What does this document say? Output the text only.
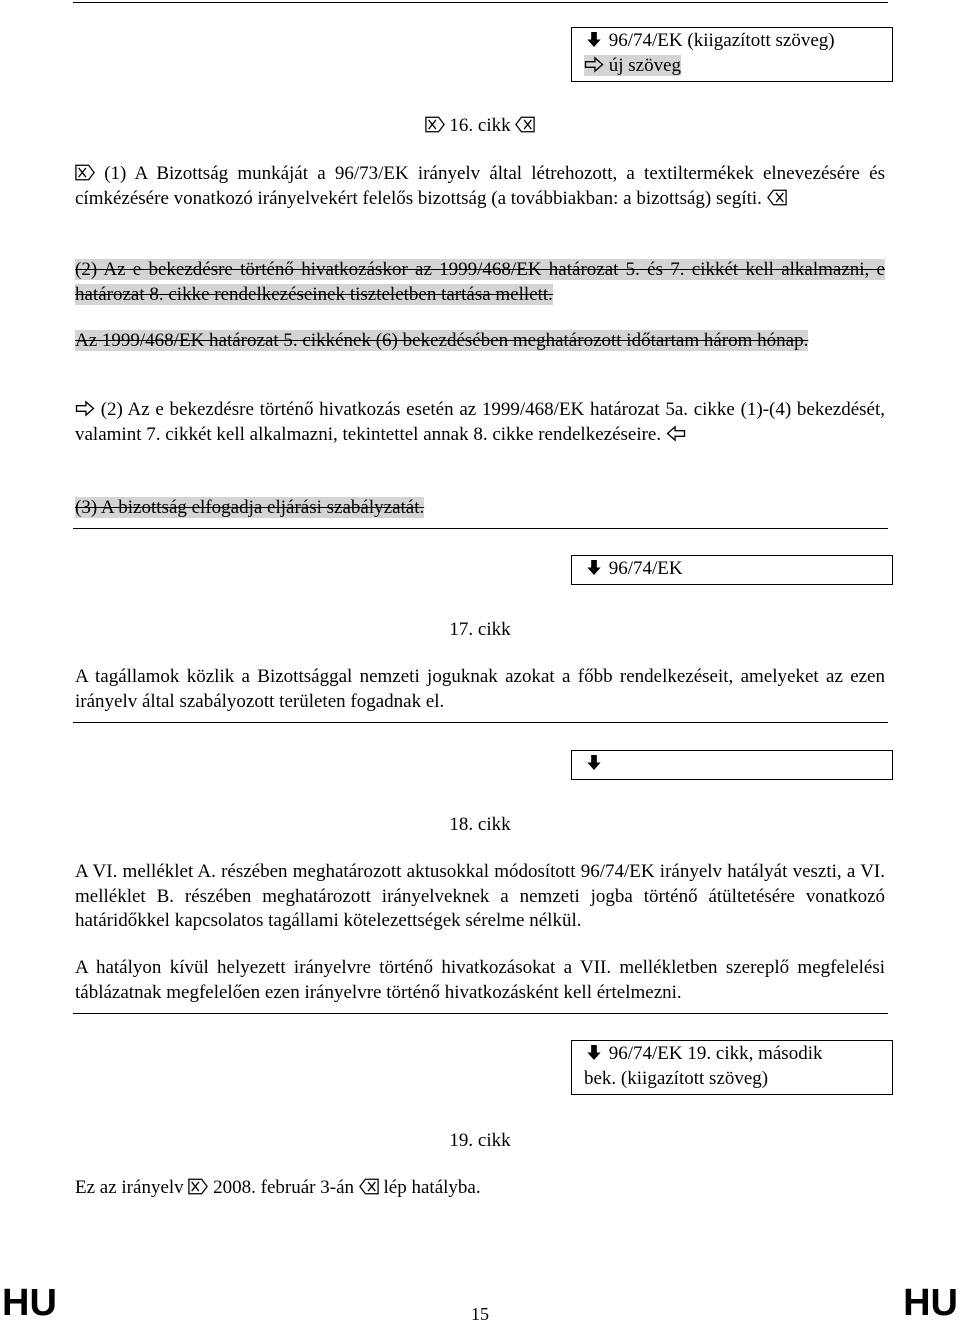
96/74/EK (kiigazított szöveg)
új szöveg
16. cikk
(1) A Bizottság munkáját a 96/73/EK irányelv által létrehozott, a textiltermékek elnevezésére és címkézésére vonatkozó irányelvekért felelős bizottság (a továbbiakban: a bizottság) segíti.
(2) Az e bekezdésre történő hivatkozáskor az 1999/468/EK határozat 5. és 7. cikkét kell alkalmazni, e határozat 8. cikke rendelkezéseinek tiszteletben tartása mellett.
Az 1999/468/EK határozat 5. cikkének (6) bekezdésében meghatározott időtartam három hónap.
(2) Az e bekezdésre történő hivatkozás esetén az 1999/468/EK határozat 5a. cikke (1)-(4) bekezdését, valamint 7. cikkét kell alkalmazni, tekintettel annak 8. cikke rendelkezéseire.
(3) A bizottság elfogadja eljárási szabályzatát.
96/74/EK
17. cikk
A tagállamok közlik a Bizottsággal nemzeti joguknak azokat a főbb rendelkezéseit, amelyeket az ezen irányelv által szabályozott területen fogadnak el.
18. cikk
A VI. melléklet A. részében meghatározott aktusokkal módosított 96/74/EK irányelv hatályát veszti, a VI. melléklet B. részében meghatározott irányelveknek a nemzeti jogba történő átültetésére vonatkozó határidőkkel kapcsolatos tagállami kötelezettségek sérelme nélkül.
A hatályon kívül helyezett irányelvre történő hivatkozásokat a VII. mellékletben szereplő megfelelési táblázatnak megfelelően ezen irányelvre történő hivatkozásként kell értelmezni.
96/74/EK 19. cikk, második
bek. (kiigazított szöveg)
19. cikk
Ez az irányelv 2008. február 3-án lép hatályba.
HU	15	HU
